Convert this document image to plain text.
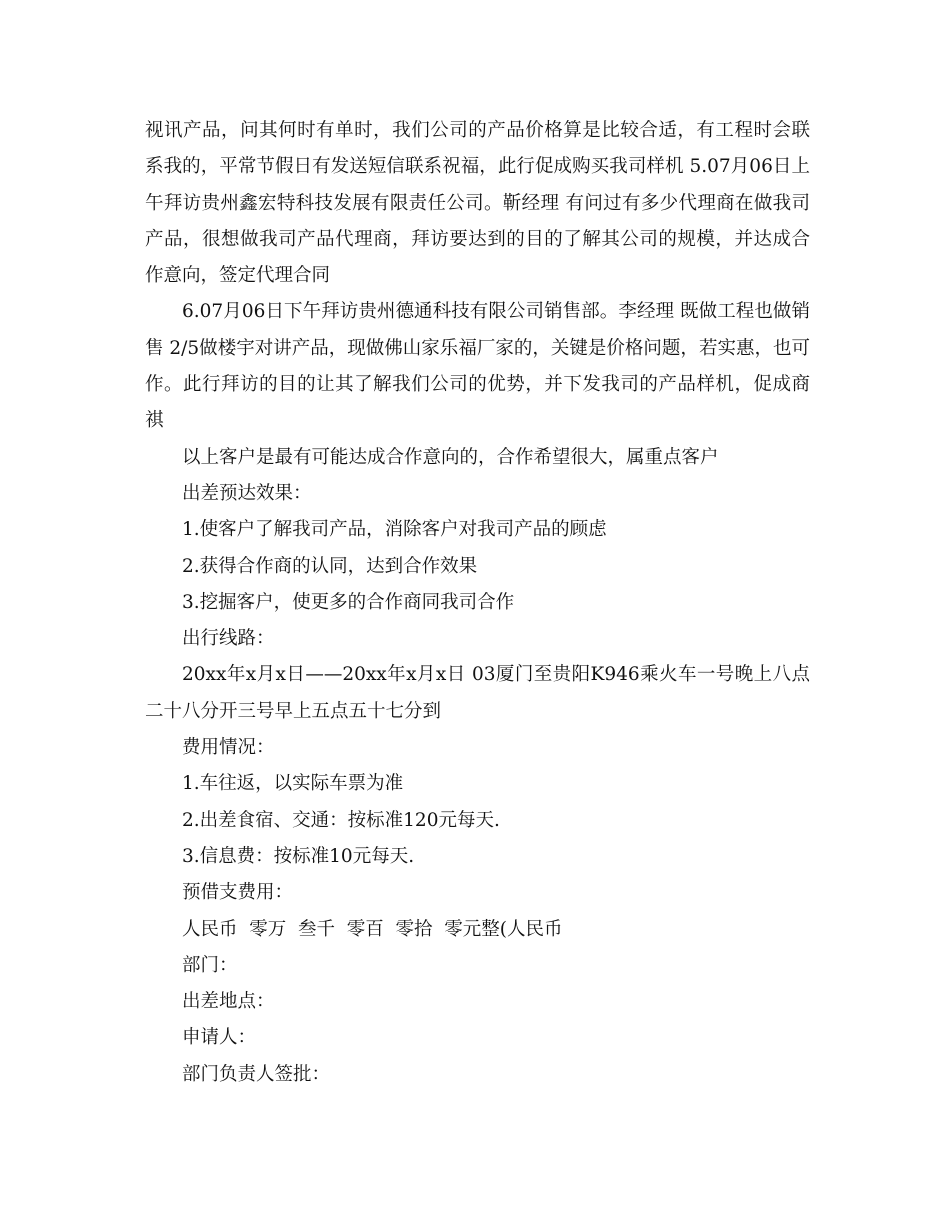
视讯产品，问其何时有单时，我们公司的产品价格算是比较合适，有工程时会联系我的，平常节假日有发送短信联系祝福，此行促成购买我司样机 5.07月06日上午拜访贵州鑫宏特科技发展有限责任公司。靳经理 有问过有多少代理商在做我司产品，很想做我司产品代理商，拜访要达到的目的了解其公司的规模，并达成合作意向，签定代理合同

6.07月06日下午拜访贵州德通科技有限公司销售部。李经理 既做工程也做销售 2/5做楼宇对讲产品，现做佛山家乐福厂家的，关键是价格问题，若实惠，也可作。此行拜访的目的让其了解我们公司的优势，并下发我司的产品样机，促成商祺

以上客户是最有可能达成合作意向的，合作希望很大，属重点客户

出差预达效果：

1.使客户了解我司产品，消除客户对我司产品的顾虑

2.获得合作商的认同，达到合作效果

3.挖掘客户，使更多的合作商同我司合作

出行线路：

20xx年x月x日——20xx年x月x日 03厦门至贵阳K946乘火车一号晚上八点二十八分开三号早上五点五十七分到

费用情况：

1.车往返，以实际车票为准

2.出差食宿、交通：按标准120元每天.

3.信息费：按标准10元每天.

预借支费用：

人民币  零万  叁千  零百  零拾  零元整(人民币

部门：

出差地点：

申请人：

部门负责人签批：
